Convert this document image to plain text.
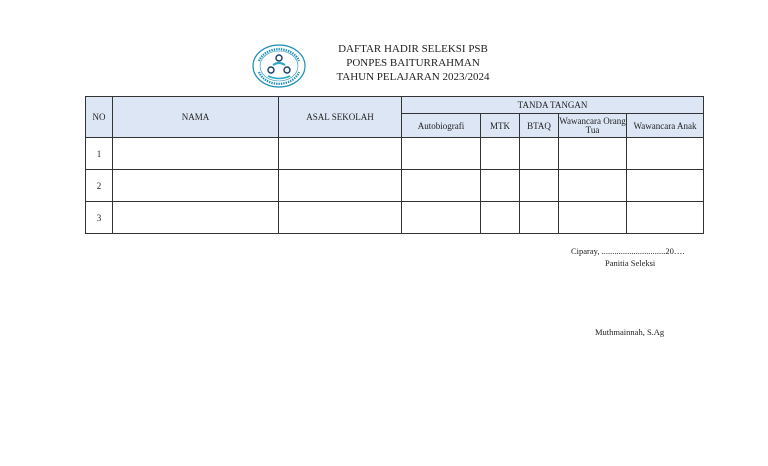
DAFTAR HADIR SELEKSI PSB
PONPES BAITURRAHMAN
TAHUN PELAJARAN 2023/2024
NO	NAMA	ASAL SEKOLAH	TANDA TANGAN				
			Autobiografi	MTK	BTAQ	Wawancara Orang Tua	Wawancara Anak
1							
2							
3							
Ciparay, ..............................20….
Panitia Seleksi
Muthmainnah, S.Ag
